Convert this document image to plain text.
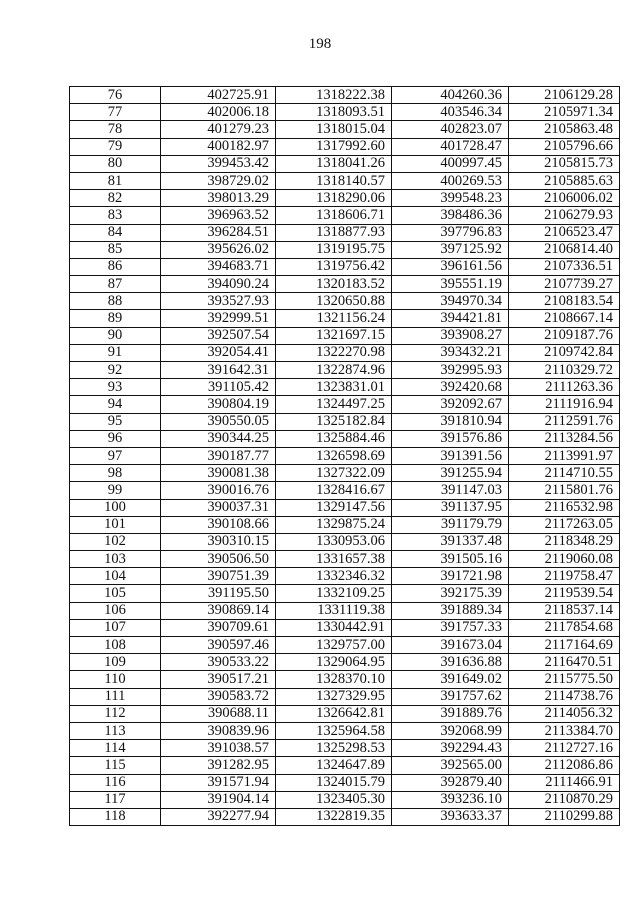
198
76	402725.91	1318222.38	404260.36	2106129.28
77	402006.18	1318093.51	403546.34	2105971.34
78	401279.23	1318015.04	402823.07	2105863.48
79	400182.97	1317992.60	401728.47	2105796.66
80	399453.42	1318041.26	400997.45	2105815.73
81	398729.02	1318140.57	400269.53	2105885.63
82	398013.29	1318290.06	399548.23	2106006.02
83	396963.52	1318606.71	398486.36	2106279.93
84	396284.51	1318877.93	397796.83	2106523.47
85	395626.02	1319195.75	397125.92	2106814.40
86	394683.71	1319756.42	396161.56	2107336.51
87	394090.24	1320183.52	395551.19	2107739.27
88	393527.93	1320650.88	394970.34	2108183.54
89	392999.51	1321156.24	394421.81	2108667.14
90	392507.54	1321697.15	393908.27	2109187.76
91	392054.41	1322270.98	393432.21	2109742.84
92	391642.31	1322874.96	392995.93	2110329.72
93	391105.42	1323831.01	392420.68	2111263.36
94	390804.19	1324497.25	392092.67	2111916.94
95	390550.05	1325182.84	391810.94	2112591.76
96	390344.25	1325884.46	391576.86	2113284.56
97	390187.77	1326598.69	391391.56	2113991.97
98	390081.38	1327322.09	391255.94	2114710.55
99	390016.76	1328416.67	391147.03	2115801.76
100	390037.31	1329147.56	391137.95	2116532.98
101	390108.66	1329875.24	391179.79	2117263.05
102	390310.15	1330953.06	391337.48	2118348.29
103	390506.50	1331657.38	391505.16	2119060.08
104	390751.39	1332346.32	391721.98	2119758.47
105	391195.50	1332109.25	392175.39	2119539.54
106	390869.14	1331119.38	391889.34	2118537.14
107	390709.61	1330442.91	391757.33	2117854.68
108	390597.46	1329757.00	391673.04	2117164.69
109	390533.22	1329064.95	391636.88	2116470.51
110	390517.21	1328370.10	391649.02	2115775.50
111	390583.72	1327329.95	391757.62	2114738.76
112	390688.11	1326642.81	391889.76	2114056.32
113	390839.96	1325964.58	392068.99	2113384.70
114	391038.57	1325298.53	392294.43	2112727.16
115	391282.95	1324647.89	392565.00	2112086.86
116	391571.94	1324015.79	392879.40	2111466.91
117	391904.14	1323405.30	393236.10	2110870.29
118	392277.94	1322819.35	393633.37	2110299.88
